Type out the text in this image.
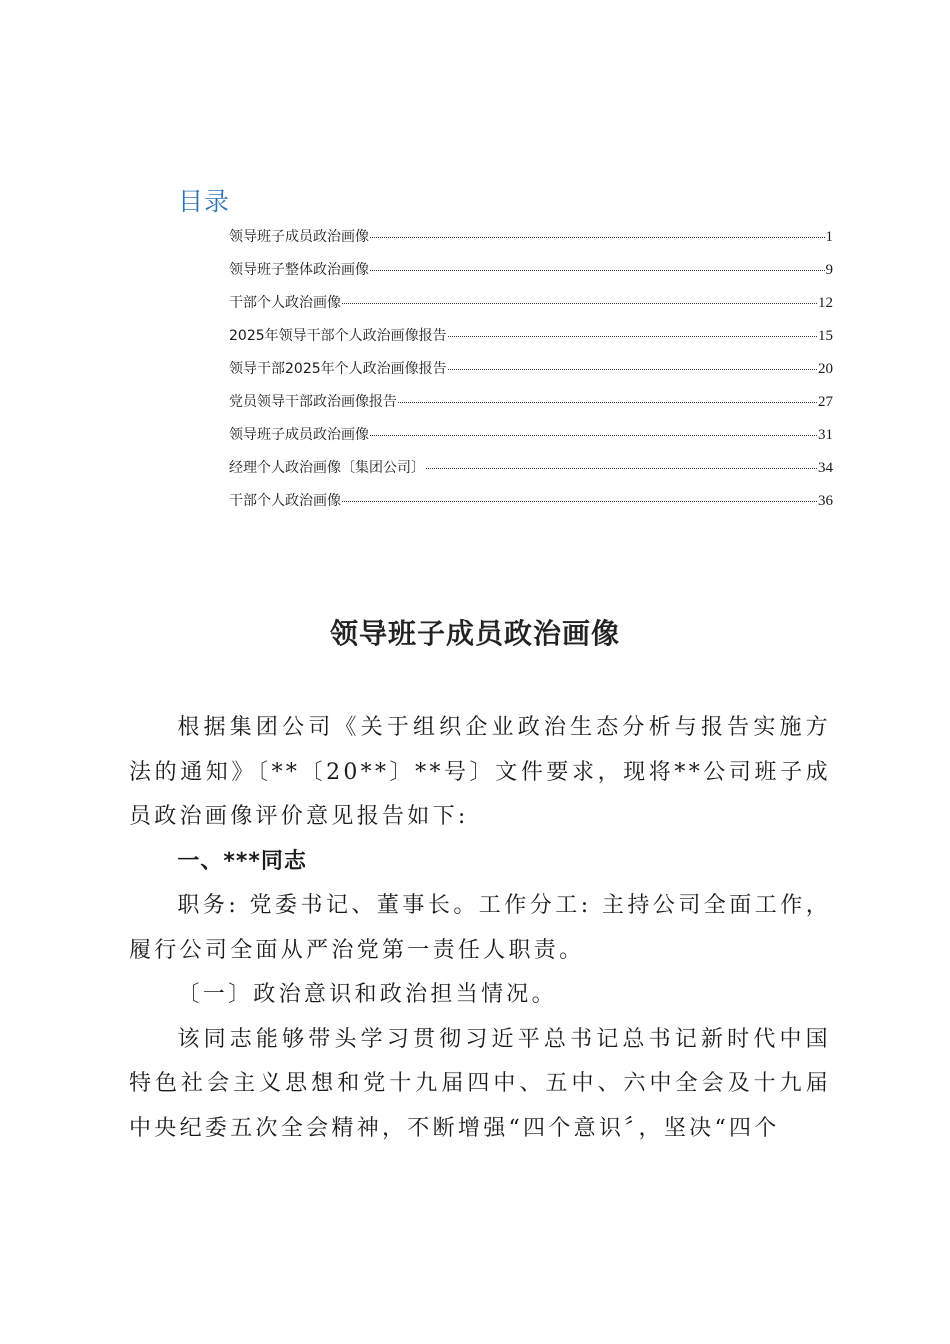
目录
领导班子成员政治画像	1
领导班子整体政治画像	9
干部个人政治画像	12
2025年领导干部个人政治画像报告	15
领导干部2025年个人政治画像报告	20
党员领导干部政治画像报告	27
领导班子成员政治画像	31
经理个人政治画像〔集团公司〕	34
干部个人政治画像	36
领导班子成员政治画像

根据集团公司《关于组织企业政治生态分析与报告实施方法的通知》〔**〔20**〕**号〕文件要求，现将**公司班子成员政治画像评价意见报告如下:

一、***同志

职务: 党委书记、董事长。工作分工: 主持公司全面工作，履行公司全面从严治党第一责任人职责。

〔一〕政治意识和政治担当情况。

该同志能够带头学习贯彻习近平总书记总书记新时代中国特色社会主义思想和党十九届四中、五中、六中全会及十九届中央纪委五次全会精神，不断增强“四个意识〞，坚决“四个
